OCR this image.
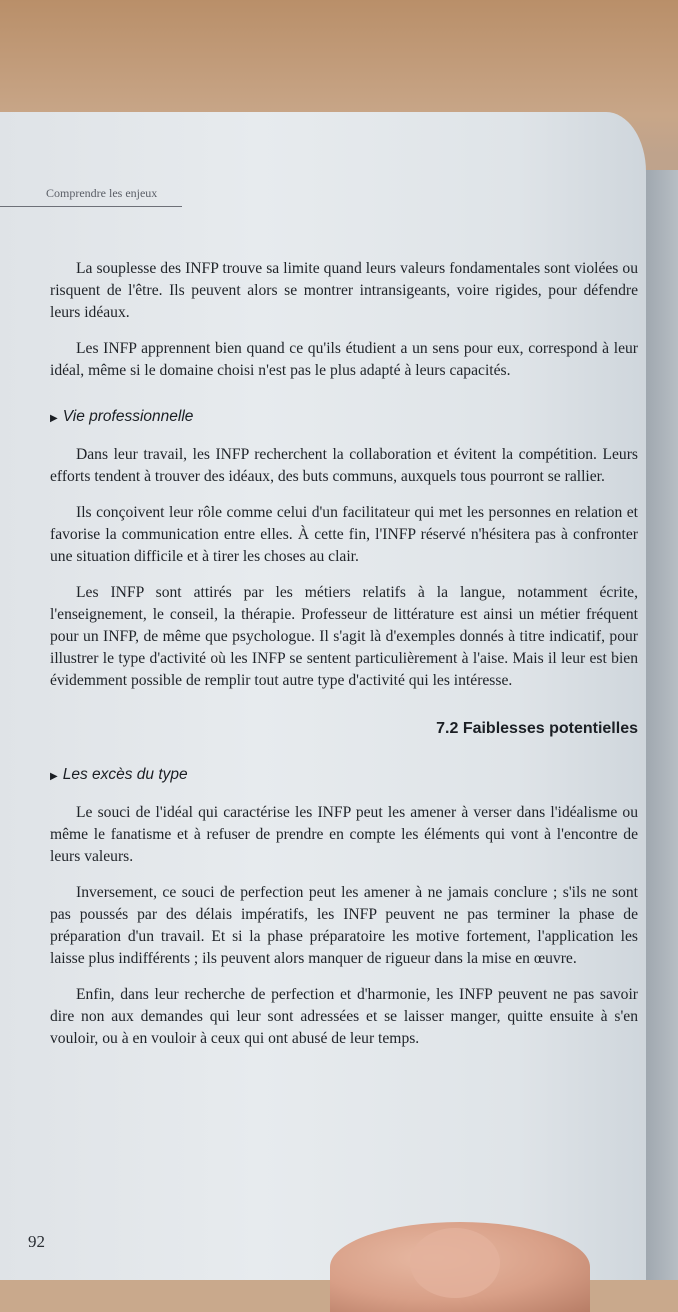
Comprendre les enjeux

La souplesse des INFP trouve sa limite quand leurs valeurs fondamentales sont violées ou risquent de l'être. Ils peuvent alors se montrer intransigeants, voire rigides, pour défendre leurs idéaux.

Les INFP apprennent bien quand ce qu'ils étudient a un sens pour eux, correspond à leur idéal, même si le domaine choisi n'est pas le plus adapté à leurs capacités.

▶ Vie professionnelle

Dans leur travail, les INFP recherchent la collaboration et évitent la compétition. Leurs efforts tendent à trouver des idéaux, des buts communs, auxquels tous pourront se rallier.

Ils conçoivent leur rôle comme celui d'un facilitateur qui met les personnes en relation et favorise la communication entre elles. À cette fin, l'INFP réservé n'hésitera pas à confronter une situation difficile et à tirer les choses au clair.

Les INFP sont attirés par les métiers relatifs à la langue, notamment écrite, l'enseignement, le conseil, la thérapie. Professeur de littérature est ainsi un métier fréquent pour un INFP, de même que psychologue. Il s'agit là d'exemples donnés à titre indicatif, pour illustrer le type d'activité où les INFP se sentent particulièrement à l'aise. Mais il leur est bien évidemment possible de remplir tout autre type d'activité qui les intéresse.

7.2 Faiblesses potentielles
▶ Les excès du type

Le souci de l'idéal qui caractérise les INFP peut les amener à verser dans l'idéalisme ou même le fanatisme et à refuser de prendre en compte les éléments qui vont à l'encontre de leurs valeurs.

Inversement, ce souci de perfection peut les amener à ne jamais conclure ; s'ils ne sont pas poussés par des délais impératifs, les INFP peuvent ne pas terminer la phase de préparation d'un travail. Et si la phase préparatoire les motive fortement, l'application les laisse plus indifférents ; ils peuvent alors manquer de rigueur dans la mise en œuvre.

Enfin, dans leur recherche de perfection et d'harmonie, les INFP peuvent ne pas savoir dire non aux demandes qui leur sont adressées et se laisser manger, quitte ensuite à s'en vouloir, ou à en vouloir à ceux qui ont abusé de leur temps.

92
